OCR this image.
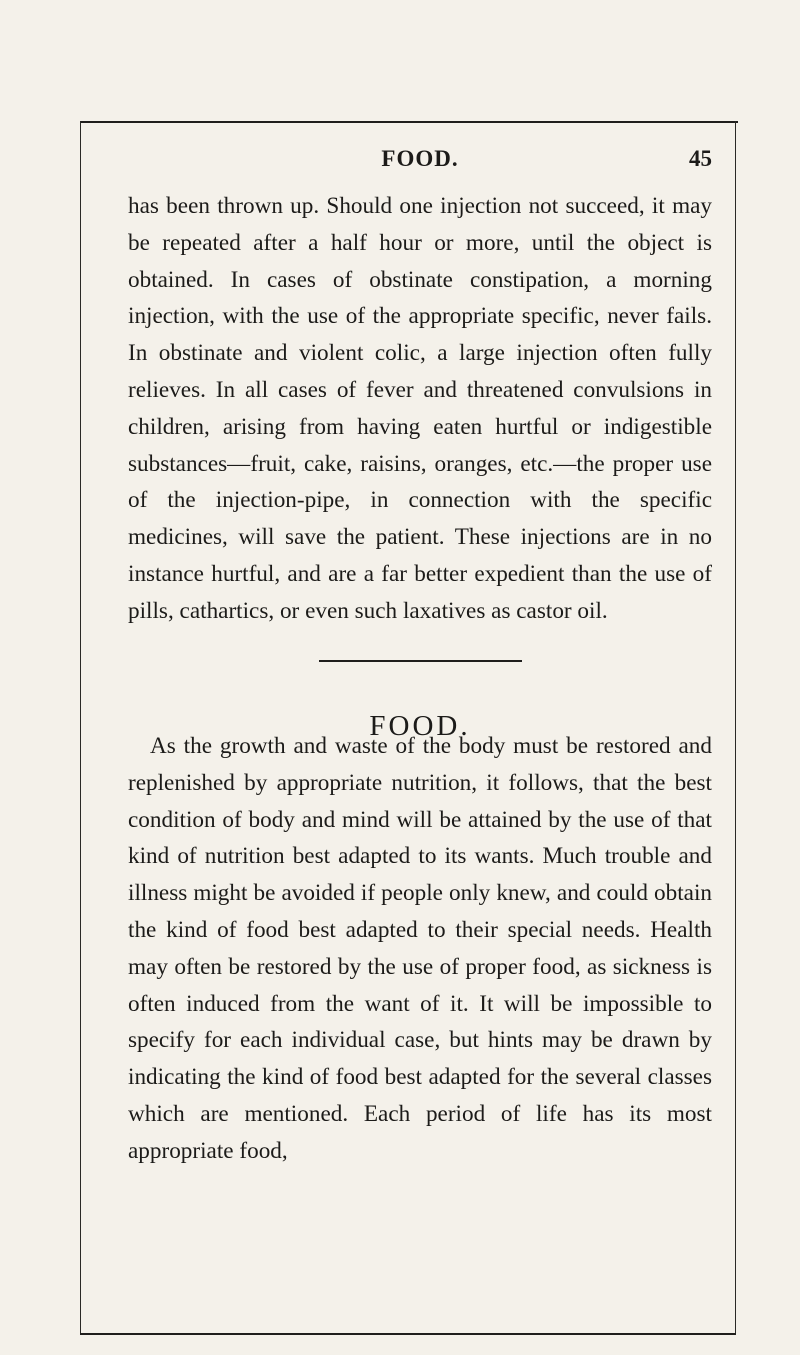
FOOD.	45

has been thrown up. Should one injection not succeed, it may be repeated after a half hour or more, until the object is obtained. In cases of obstinate constipation, a morning injection, with the use of the appropriate specific, never fails. In obstinate and violent colic, a large injection often fully relieves. In all cases of fever and threatened convulsions in children, arising from having eaten hurtful or indigestible substances—fruit, cake, raisins, oranges, etc.—the proper use of the injection-pipe, in connection with the specific medicines, will save the patient. These injections are in no instance hurtful, and are a far better expedient than the use of pills, cathartics, or even such laxatives as castor oil.

FOOD.

As the growth and waste of the body must be restored and replenished by appropriate nutrition, it follows, that the best condition of body and mind will be attained by the use of that kind of nutrition best adapted to its wants. Much trouble and illness might be avoided if people only knew, and could obtain the kind of food best adapted to their special needs. Health may often be restored by the use of proper food, as sickness is often induced from the want of it. It will be impossible to specify for each individual case, but hints may be drawn by indicating the kind of food best adapted for the several classes which are mentioned. Each period of life has its most appropriate food,
